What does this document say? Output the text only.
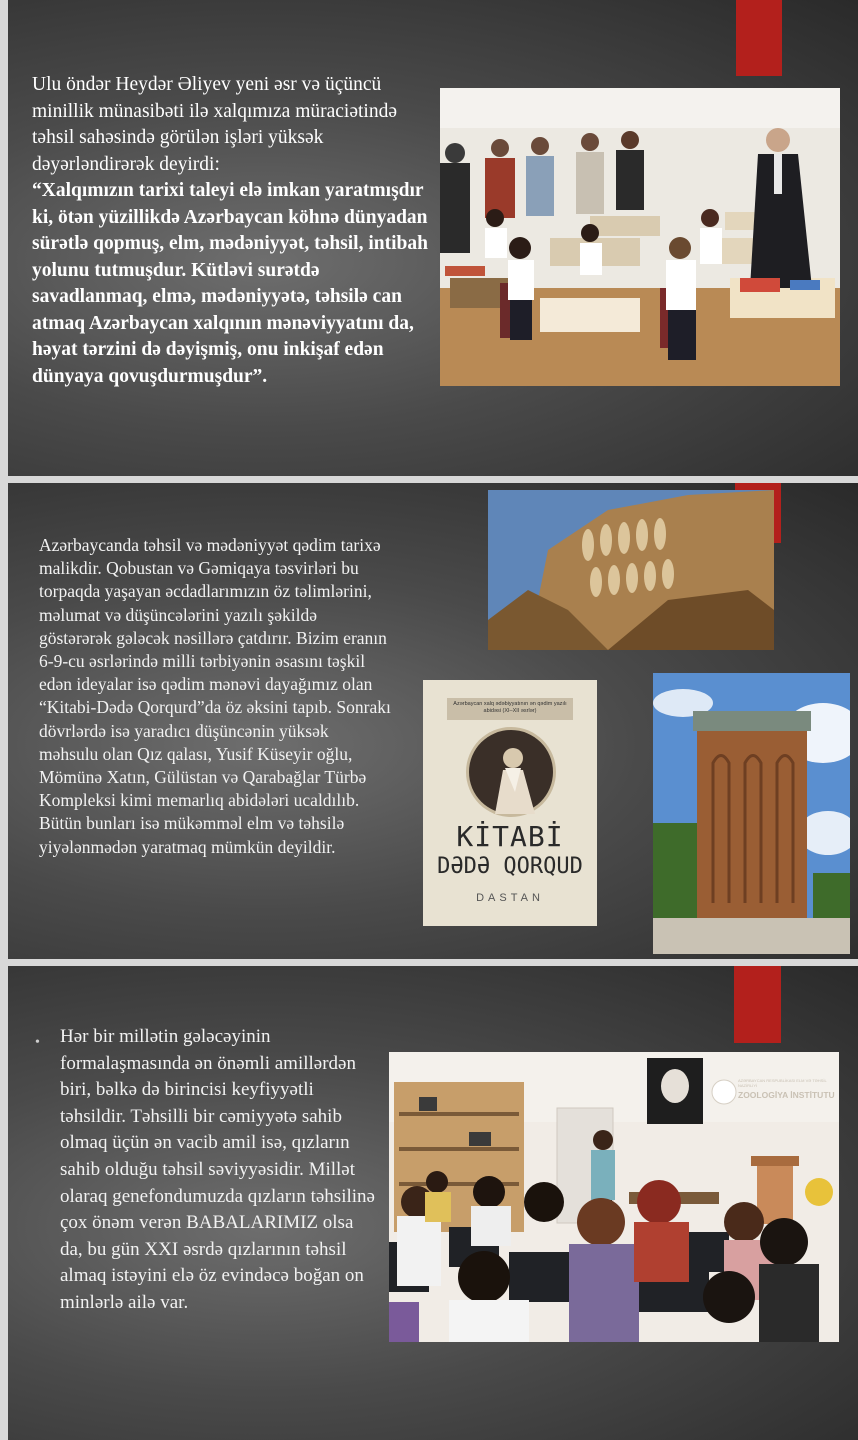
Ulu öndər Heydər Əliyev yeni əsr və üçüncü minillik münasibəti ilə xalqımıza müraciətində təhsil sahəsində görülən işləri yüksək dəyərləndirərək deyirdi:
“Xalqımızın tarixi taleyi elə imkan yaratmışdır ki, ötən yüzillikdə Azərbaycan köhnə dünyadan sürətlə qopmuş, elm, mədəniyyət, təhsil, intibah yolunu tutmuşdur. Kütləvi surətdə savadlanmaq, elmə, mədəniyyətə, təhsilə can atmaq Azərbaycan xalqının mənəviyyatını da, həyat tərzini də dəyişmiş, onu inkişaf edən dünyaya qovuşdurmuşdur”.
Azərbaycanda təhsil və mədəniyyət qədim tarixə malikdir. Qobustan və Gəmiqaya təsvirləri bu torpaqda yaşayan əcdadlarımızın öz təlimlərini, məlumat və düşüncələrini yazılı şəkildə göstərərək gələcək nəsillərə çatdırır. Bizim eranın 6-9-cu əsrlərində milli tərbiyənin əsasını təşkil edən ideyalar isə qədim mənəvi dayağımız olan “Kitabi-Dədə Qorqurd”da öz əksini tapıb. Sonrakı dövrlərdə isə yaradıcı düşüncənin yüksək məhsulu olan Qız qalası, Yusif Küseyir oğlu, Mömünə Xatın, Gülüstan və Qarabağlar Türbə Kompleksi kimi memarlıq abidələri ucaldılıb. Bütün bunları isə mükəmməl elm və təhsilə yiyələnmədən yaratmaq mümkün deyildir.
Azərbaycan xalq ədəbiyyatının ən qədim yazılı abidəsi (XI–XII əsrlər)
KİTABİ
DƏDƏ QORQUD
DASTAN
• Hər bir millətin gələcəyinin formalaşmasında ən önəmli amillərdən biri, bəlkə də birincisi keyfiyyətli təhsildir. Təhsilli bir cəmiyyətə sahib olmaq üçün ən vacib amil isə, qızların sahib olduğu təhsil səviyyəsidir. Millət olaraq genefondumuzda qızların təhsilinə çox önəm verən BABALARIMIZ olsa da, bu gün XXI əsrdə qızlarının təhsil almaq istəyini elə öz evindəcə boğan on minlərlə ailə var.
AZƏRBAYCAN RESPUBLİKASI ELM VƏ TƏHSİL NAZİRLİYİ
ZOOLOGİYA İNSTİTUTU
